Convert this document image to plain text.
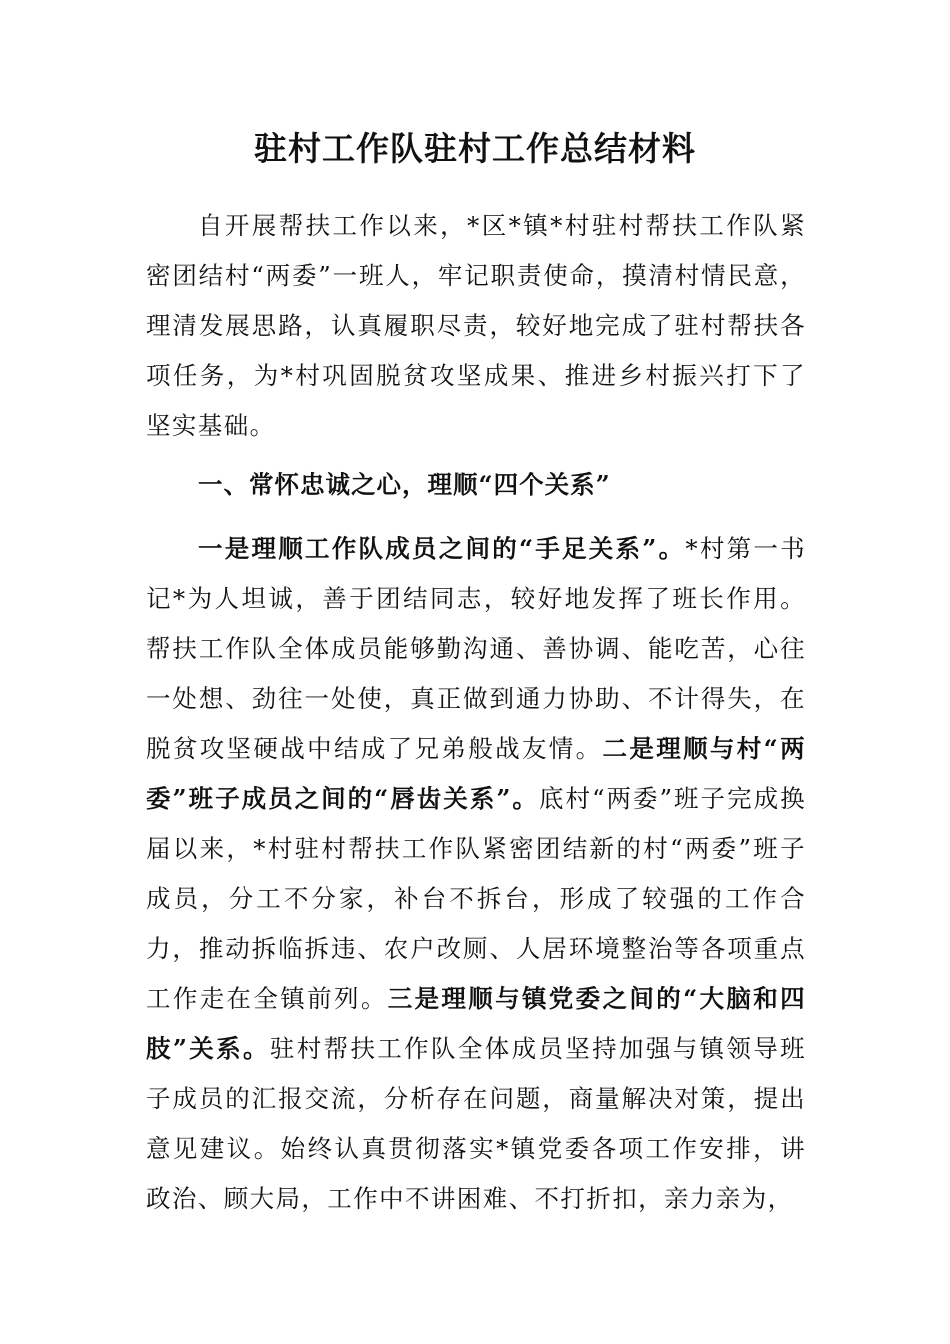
驻村工作队驻村工作总结材料

自开展帮扶工作以来，*区*镇*村驻村帮扶工作队紧密团结村“两委”一班人，牢记职责使命，摸清村情民意，理清发展思路，认真履职尽责，较好地完成了驻村帮扶各项任务，为*村巩固脱贫攻坚成果、推进乡村振兴打下了坚实基础。

一、常怀忠诚之心，理顺“四个关系”

一是理顺工作队成员之间的“手足关系”。*村第一书记*为人坦诚，善于团结同志，较好地发挥了班长作用。帮扶工作队全体成员能够勤沟通、善协调、能吃苦，心往一处想、劲往一处使，真正做到通力协助、不计得失，在脱贫攻坚硬战中结成了兄弟般战友情。二是理顺与村“两委”班子成员之间的“唇齿关系”。底村“两委”班子完成换届以来，*村驻村帮扶工作队紧密团结新的村“两委”班子成员，分工不分家，补台不拆台，形成了较强的工作合力，推动拆临拆违、农户改厕、人居环境整治等各项重点工作走在全镇前列。三是理顺与镇党委之间的“大脑和四肢”关系。驻村帮扶工作队全体成员坚持加强与镇领导班子成员的汇报交流，分析存在问题，商量解决对策，提出意见建议。始终认真贯彻落实*镇党委各项工作安排，讲政治、顾大局，工作中不讲困难、不打折扣，亲力亲为，
